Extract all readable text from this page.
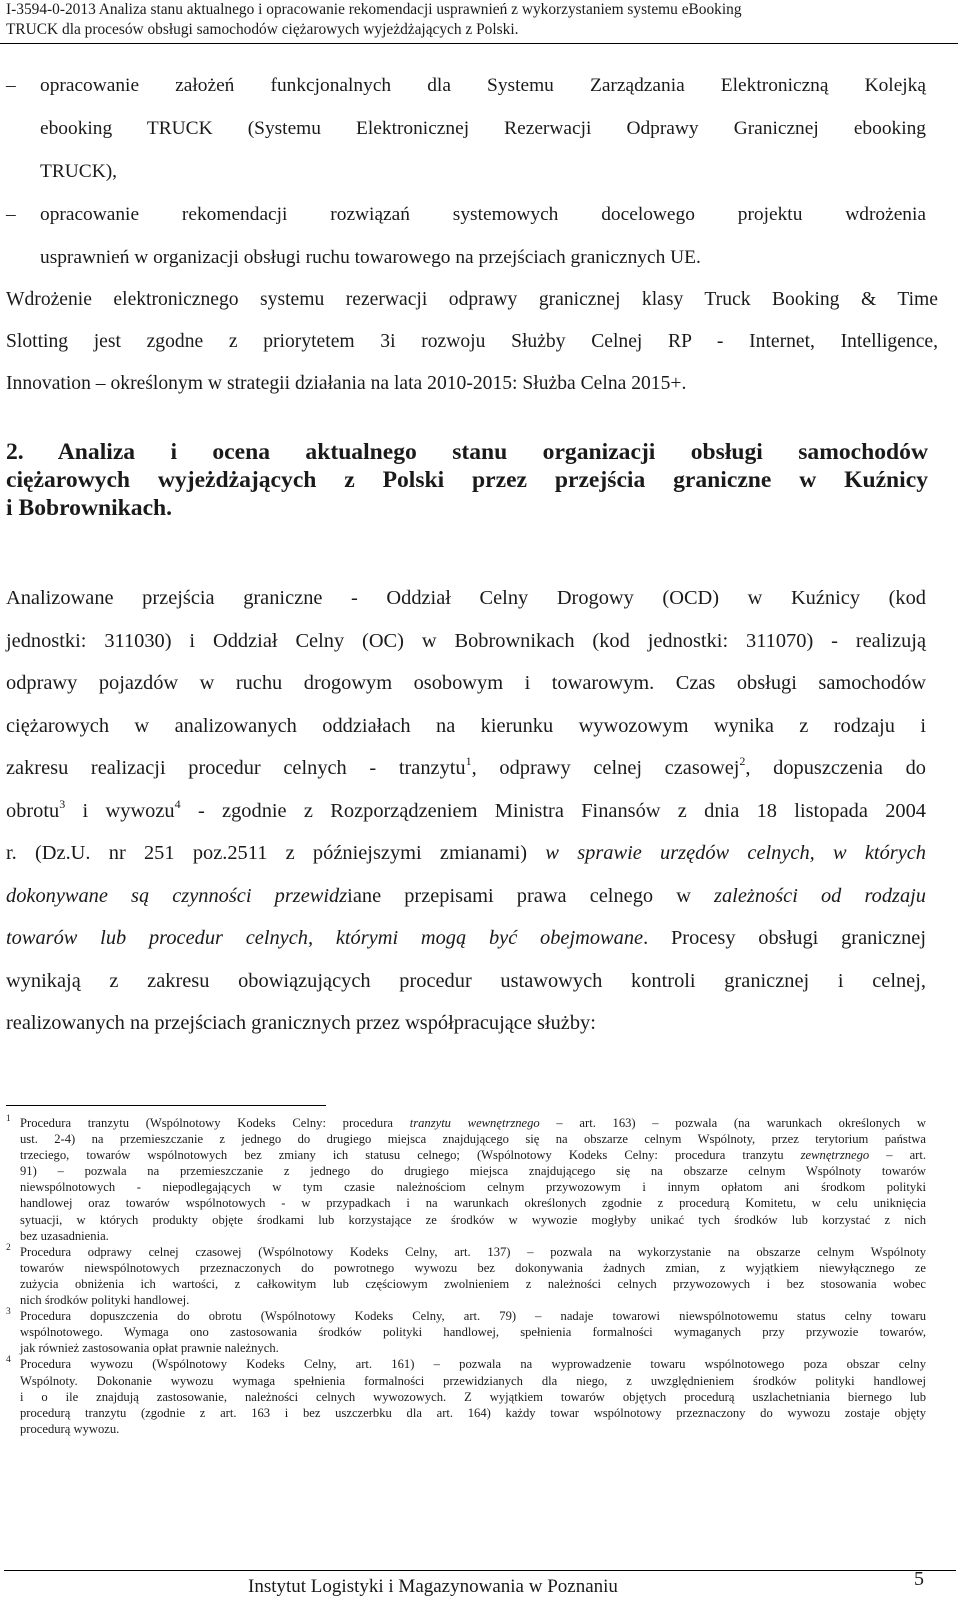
I-3594-0-2013 Analiza stanu aktualnego i opracowanie rekomendacji usprawnień z wykorzystaniem systemu eBooking
TRUCK dla procesów obsługi samochodów ciężarowych wyjeżdżających z Polski.
–	opracowanie założeń funkcjonalnych dla Systemu Zarządzania Elektroniczną Kolejką
ebooking TRUCK (Systemu Elektronicznej Rezerwacji Odprawy Granicznej ebooking
TRUCK),
–	opracowanie rekomendacji rozwiązań systemowych docelowego projektu wdrożenia
usprawnień w organizacji obsługi ruchu towarowego na przejściach granicznych UE.
Wdrożenie elektronicznego systemu rezerwacji odprawy granicznej klasy Truck Booking & Time
Slotting jest zgodne z priorytetem 3i rozwoju Służby Celnej RP - Internet, Intelligence,
Innovation – określonym w strategii działania na lata 2010-2015: Służba Celna 2015+.
2. Analiza i ocena aktualnego stanu organizacji obsługi samochodów
ciężarowych wyjeżdżających z Polski przez przejścia graniczne w Kuźnicy
i Bobrownikach.
Analizowane przejścia graniczne - Oddział Celny Drogowy (OCD) w Kuźnicy (kod
jednostki: 311030) i Oddział Celny (OC) w Bobrownikach (kod jednostki: 311070) - realizują
odprawy pojazdów w ruchu drogowym osobowym i towarowym. Czas obsługi samochodów
ciężarowych w analizowanych oddziałach na kierunku wywozowym wynika z rodzaju i
zakresu realizacji procedur celnych - tranzytu$^1$, odprawy celnej czasowej$^2$, dopuszczenia do
obrotu$^3$ i wywozu$^4$ - zgodnie z Rozporządzeniem Ministra Finansów z dnia 18 listopada 2004
r. (Dz.U. nr 251 poz.2511 z późniejszymi zmianami) w sprawie urzędów celnych, w których
dokonywane są czynności przewidziane przepisami prawa celnego w zależności od rodzaju
towarów lub procedur celnych, którymi mogą być obejmowane. Procesy obsługi granicznej
wynikają z zakresu obowiązujących procedur ustawowych kontroli granicznej i celnej,
realizowanych na przejściach granicznych przez współpracujące służby:
1 Procedura tranzytu (Wspólnotowy Kodeks Celny: procedura tranzytu wewnętrznego – art. 163) – pozwala (na warunkach określonych w
ust. 2-4) na przemieszczanie z jednego do drugiego miejsca znajdującego się na obszarze celnym Wspólnoty, przez terytorium państwa
trzeciego, towarów wspólnotowych bez zmiany ich statusu celnego; (Wspólnotowy Kodeks Celny: procedura tranzytu zewnętrznego – art.
91) – pozwala na przemieszczanie z jednego do drugiego miejsca znajdującego się na obszarze celnym Wspólnoty towarów
niewspólnotowych - niepodlegających w tym czasie należnościom celnym przywozowym i innym opłatom ani środkom polityki
handlowej oraz towarów wspólnotowych - w przypadkach i na warunkach określonych zgodnie z procedurą Komitetu, w celu uniknięcia
sytuacji, w których produkty objęte środkami lub korzystające ze środków w wywozie mogłyby unikać tych środków lub korzystać z nich
bez uzasadnienia.
2 Procedura odprawy celnej czasowej (Wspólnotowy Kodeks Celny, art. 137) – pozwala na wykorzystanie na obszarze celnym Wspólnoty
towarów niewspólnotowych przeznaczonych do powrotnego wywozu bez dokonywania żadnych zmian, z wyjątkiem niewyłącznego ze
zużycia obniżenia ich wartości, z całkowitym lub częściowym zwolnieniem z należności celnych przywozowych i bez stosowania wobec
nich środków polityki handlowej.
3 Procedura dopuszczenia do obrotu (Wspólnotowy Kodeks Celny, art. 79) – nadaje towarowi niewspólnotowemu status celny towaru
wspólnotowego. Wymaga ono zastosowania środków polityki handlowej, spełnienia formalności wymaganych przy przywozie towarów,
jak również zastosowania opłat prawnie należnych.
4 Procedura wywozu (Wspólnotowy Kodeks Celny, art. 161) – pozwala na wyprowadzenie towaru wspólnotowego poza obszar celny
Wspólnoty. Dokonanie wywozu wymaga spełnienia formalności przewidzianych dla niego, z uwzględnieniem środków polityki handlowej
i o ile znajdują zastosowanie, należności celnych wywozowych. Z wyjątkiem towarów objętych procedurą uszlachetniania biernego lub
procedurą tranzytu (zgodnie z art. 163 i bez uszczerbku dla art. 164) każdy towar wspólnotowy przeznaczony do wywozu zostaje objęty
procedurą wywozu.
Instytut Logistyki i Magazynowania w Poznaniu	5
